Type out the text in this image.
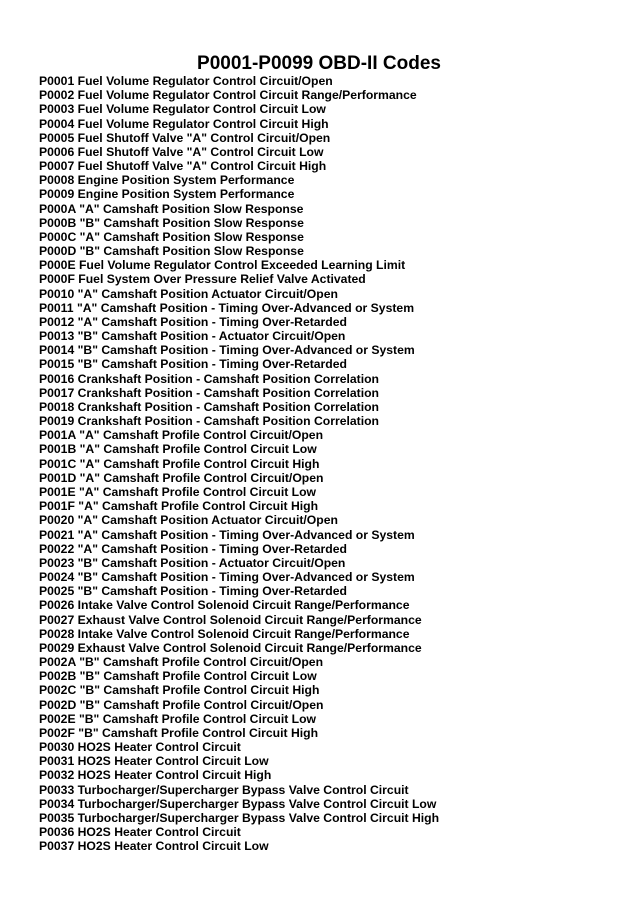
P0001-P0099 OBD-II Codes
P0001 Fuel Volume Regulator Control Circuit/Open
P0002 Fuel Volume Regulator Control Circuit Range/Performance
P0003 Fuel Volume Regulator Control Circuit Low
P0004 Fuel Volume Regulator Control Circuit High
P0005 Fuel Shutoff Valve "A" Control Circuit/Open
P0006 Fuel Shutoff Valve "A" Control Circuit Low
P0007 Fuel Shutoff Valve "A" Control Circuit High
P0008 Engine Position System Performance
P0009 Engine Position System Performance
P000A "A" Camshaft Position Slow Response
P000B "B" Camshaft Position Slow Response
P000C "A" Camshaft Position Slow Response
P000D "B" Camshaft Position Slow Response
P000E Fuel Volume Regulator Control Exceeded Learning Limit
P000F Fuel System Over Pressure Relief Valve Activated
P0010 "A" Camshaft Position Actuator Circuit/Open
P0011 "A" Camshaft Position - Timing Over-Advanced or System
P0012 "A" Camshaft Position - Timing Over-Retarded
P0013 "B" Camshaft Position - Actuator Circuit/Open
P0014 "B" Camshaft Position - Timing Over-Advanced or System
P0015 "B" Camshaft Position - Timing Over-Retarded
P0016 Crankshaft Position - Camshaft Position Correlation
P0017 Crankshaft Position - Camshaft Position Correlation
P0018 Crankshaft Position - Camshaft Position Correlation
P0019 Crankshaft Position - Camshaft Position Correlation
P001A "A" Camshaft Profile Control Circuit/Open
P001B "A" Camshaft Profile Control Circuit Low
P001C "A" Camshaft Profile Control Circuit High
P001D "A" Camshaft Profile Control Circuit/Open
P001E "A" Camshaft Profile Control Circuit Low
P001F "A" Camshaft Profile Control Circuit High
P0020 "A" Camshaft Position Actuator Circuit/Open
P0021 "A" Camshaft Position - Timing Over-Advanced or System
P0022 "A" Camshaft Position - Timing Over-Retarded
P0023 "B" Camshaft Position - Actuator Circuit/Open
P0024 "B" Camshaft Position - Timing Over-Advanced or System
P0025 "B" Camshaft Position - Timing Over-Retarded
P0026 Intake Valve Control Solenoid Circuit Range/Performance
P0027 Exhaust Valve Control Solenoid Circuit Range/Performance
P0028 Intake Valve Control Solenoid Circuit Range/Performance
P0029 Exhaust Valve Control Solenoid Circuit Range/Performance
P002A "B" Camshaft Profile Control Circuit/Open
P002B "B" Camshaft Profile Control Circuit Low
P002C "B" Camshaft Profile Control Circuit High
P002D "B" Camshaft Profile Control Circuit/Open
P002E "B" Camshaft Profile Control Circuit Low
P002F "B" Camshaft Profile Control Circuit High
P0030 HO2S Heater Control Circuit
P0031 HO2S Heater Control Circuit Low
P0032 HO2S Heater Control Circuit High
P0033 Turbocharger/Supercharger Bypass Valve Control Circuit
P0034 Turbocharger/Supercharger Bypass Valve Control Circuit Low
P0035 Turbocharger/Supercharger Bypass Valve Control Circuit High
P0036 HO2S Heater Control Circuit
P0037 HO2S Heater Control Circuit Low
